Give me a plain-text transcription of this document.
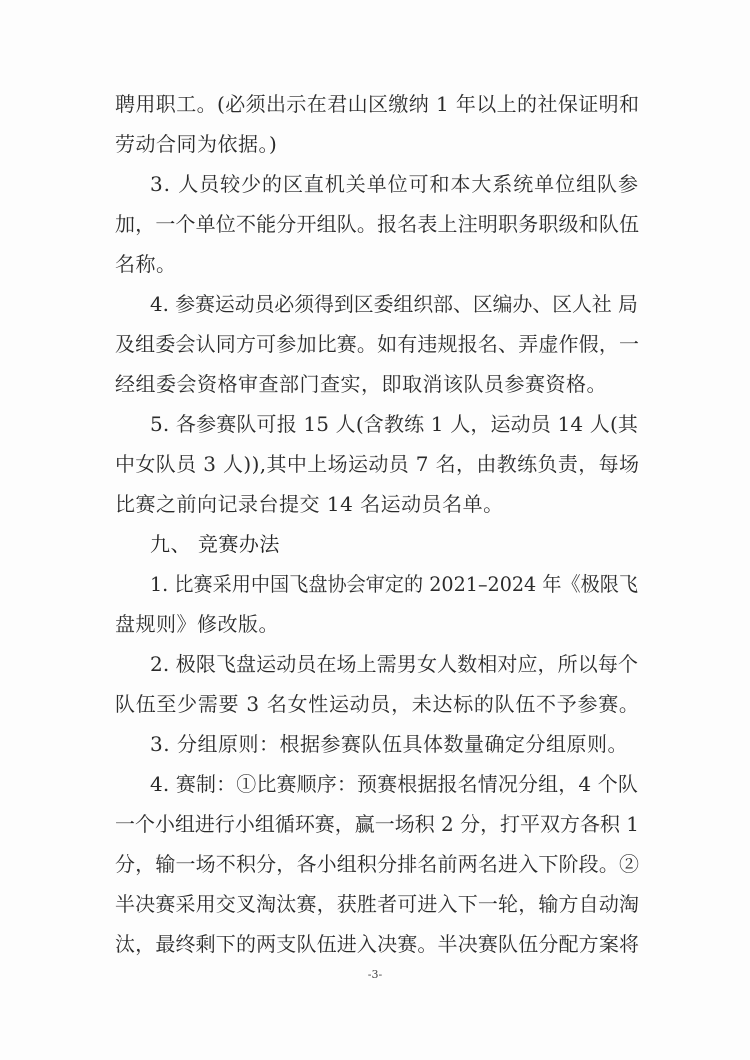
聘用职工。(必须出示在君山区缴纳 1 年以上的社保证明和
劳动合同为依据。)
3. 人员较少的区直机关单位可和本大系统单位组队参
加，一个单位不能分开组队。报名表上注明职务职级和队伍
名称。
4. 参赛运动员必须得到区委组织部、区编办、区人社 局
及组委会认同方可参加比赛。如有违规报名、弄虚作假，一
经组委会资格审查部门查实，即取消该队员参赛资格。
5. 各参赛队可报 15 人(含教练 1 人，运动员 14 人(其
中女队员 3 人)),其中上场运动员 7 名，由教练负责，每场
比赛之前向记录台提交 14 名运动员名单。
九、 竞赛办法
1. 比赛采用中国飞盘协会审定的 2021–2024 年《极限飞
盘规则》修改版。
2. 极限飞盘运动员在场上需男女人数相对应，所以每个
队伍至少需要 3 名女性运动员，未达标的队伍不予参赛。
3. 分组原则：根据参赛队伍具体数量确定分组原则。
4. 赛制：①比赛顺序：预赛根据报名情况分组，4 个队
一个小组进行小组循环赛，赢一场积 2 分，打平双方各积 1
分，输一场不积分，各小组积分排名前两名进入下阶段。②
半决赛采用交叉淘汰赛，获胜者可进入下一轮，输方自动淘
汰，最终剩下的两支队伍进入决赛。半决赛队伍分配方案将
-3-
